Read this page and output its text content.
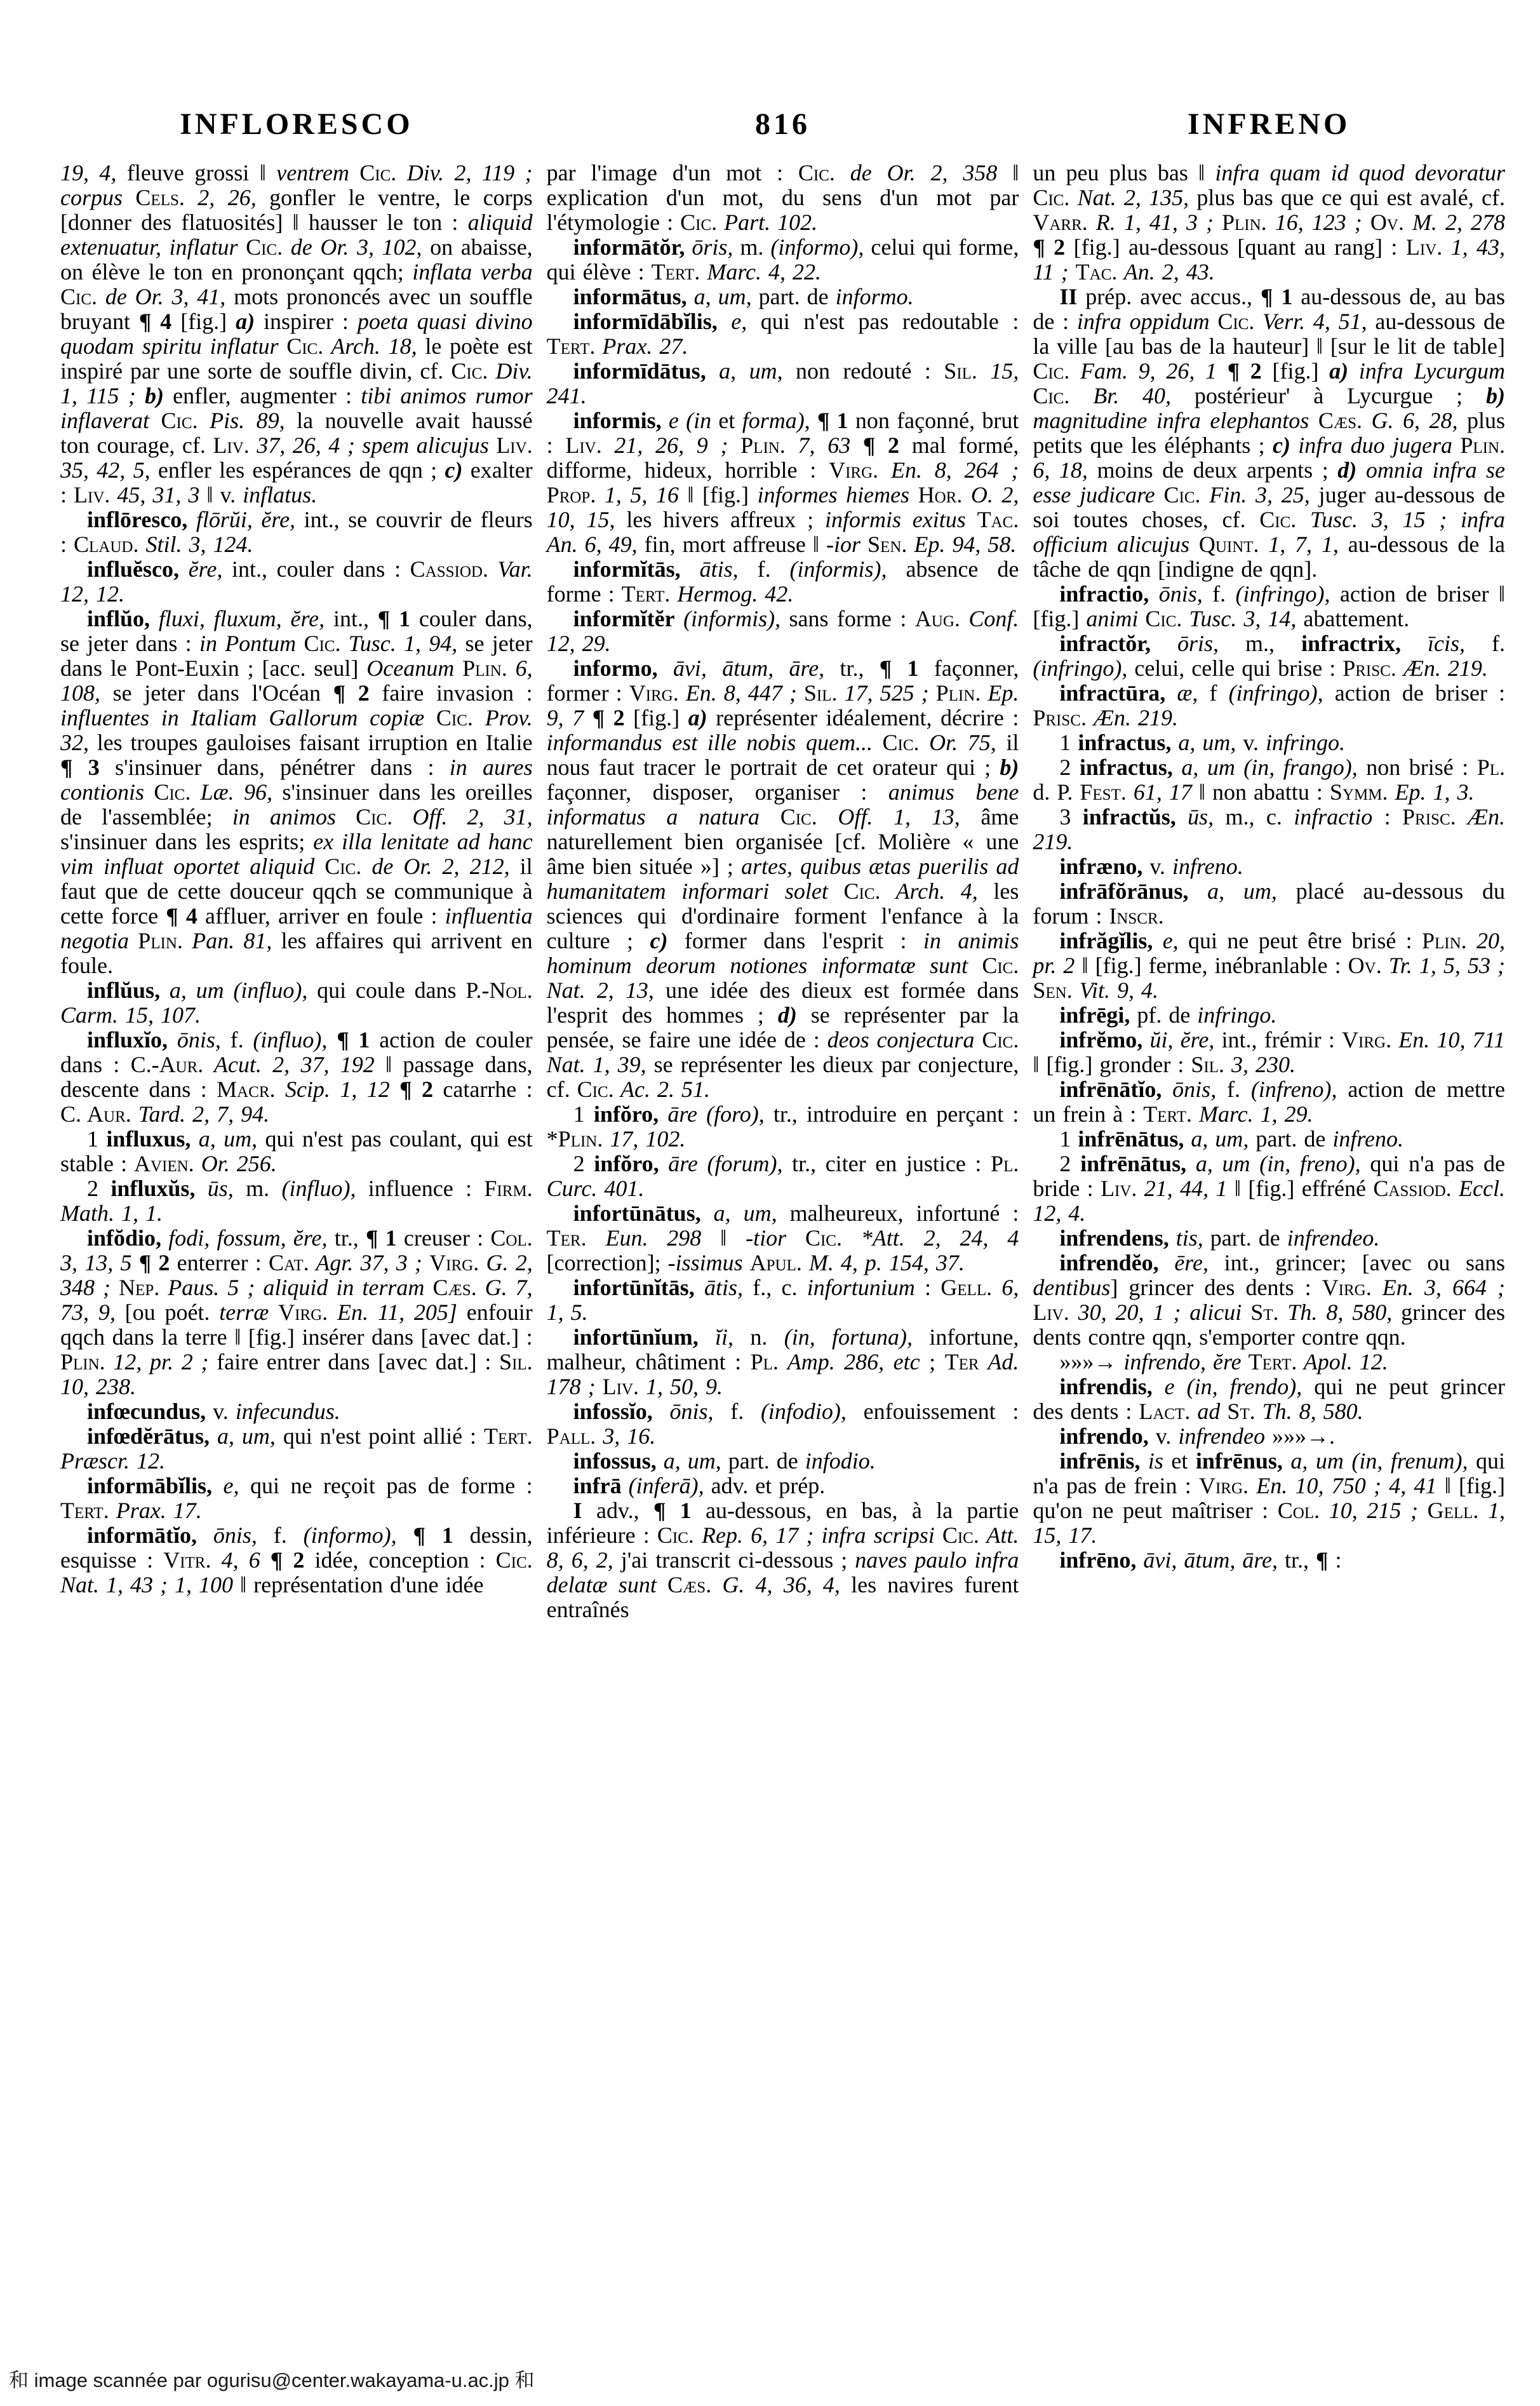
INFLORESCO	816	INFRENO

19, 4, fleuve grossi ‖ ventrem Cic. Div. 2, 119 ; corpus Cels. 2, 26, gonfler le ventre, le corps [donner des flatuosités] ‖ hausser le ton : aliquid extenuatur, inflatur Cic. de Or. 3, 102, on abaisse, on élève le ton en prononçant qqch; inflata verba Cic. de Or. 3, 41, mots prononcés avec un souffle bruyant ¶ 4 [fig.] a) inspirer : poeta quasi divino quodam spiritu inflatur Cic. Arch. 18, le poète est inspiré par une sorte de souffle divin, cf. Cic. Div. 1, 115 ; b) enfler, augmenter : tibi animos rumor inflaverat Cic. Pis. 89, la nouvelle avait haussé ton courage, cf. Liv. 37, 26, 4 ; spem alicujus Liv. 35, 42, 5, enfler les espérances de qqn ; c) exalter : Liv. 45, 31, 3 ‖ v. inflatus.

inflōresco, flōrŭi, ĕre, int., se couvrir de fleurs : Claud. Stil. 3, 124.

influĕsco, ĕre, int., couler dans : Cassiod. Var. 12, 12.

inflŭo, fluxi, fluxum, ĕre, int., ¶ 1 couler dans, se jeter dans : in Pontum Cic. Tusc. 1, 94, se jeter dans le Pont-Euxin ; [acc. seul] Oceanum Plin. 6, 108, se jeter dans l'Océan ¶ 2 faire invasion : influentes in Italiam Gallorum copiæ Cic. Prov. 32, les troupes gauloises faisant irruption en Italie ¶ 3 s'insinuer dans, pénétrer dans : in aures contionis Cic. Læ. 96, s'insinuer dans les oreilles de l'assemblée; in animos Cic. Off. 2, 31, s'insinuer dans les esprits; ex illa lenitate ad hanc vim influat oportet aliquid Cic. de Or. 2, 212, il faut que de cette douceur qqch se communique à cette force ¶ 4 affluer, arriver en foule : influentia negotia Plin. Pan. 81, les affaires qui arrivent en foule.

inflŭus, a, um (influo), qui coule dans P.-Nol. Carm. 15, 107.

influxĭo, ōnis, f. (influo), ¶ 1 action de couler dans : C.-Aur. Acut. 2, 37, 192 ‖ passage dans, descente dans : Macr. Scip. 1, 12 ¶ 2 catarrhe : C. Aur. Tard. 2, 7, 94.

1 influxus, a, um, qui n'est pas coulant, qui est stable : Avien. Or. 256.

2 influxŭs, ūs, m. (influo), influence : Firm. Math. 1, 1.

infŏdio, fodi, fossum, ĕre, tr., ¶ 1 creuser : Col. 3, 13, 5 ¶ 2 enterrer : Cat. Agr. 37, 3 ; Virg. G. 2, 348 ; Nep. Paus. 5 ; aliquid in terram Cæs. G. 7, 73, 9, [ou poét. terræ Virg. En. 11, 205] enfouir qqch dans la terre ‖ [fig.] insérer dans [avec dat.] : Plin. 12, pr. 2 ; faire entrer dans [avec dat.] : Sil. 10, 238.

infœcundus, v. infecundus.

infœdĕrātus, a, um, qui n'est point allié : Tert. Præscr. 12.

informābĭlis, e, qui ne reçoit pas de forme : Tert. Prax. 17.

informātĭo, ōnis, f. (informo), ¶ 1 dessin, esquisse : Vitr. 4, 6 ¶ 2 idée, conception : Cic. Nat. 1, 43 ; 1, 100 ‖ représentation d'une idée

par l'image d'un mot : Cic. de Or. 2, 358 ‖ explication d'un mot, du sens d'un mot par l'étymologie : Cic. Part. 102.

informātŏr, ōris, m. (informo), celui qui forme, qui élève : Tert. Marc. 4, 22.

informātus, a, um, part. de informo.

informīdābĭlis, e, qui n'est pas redoutable : Tert. Prax. 27.

informīdātus, a, um, non redouté : Sil. 15, 241.

informis, e (in et forma), ¶ 1 non façonné, brut : Liv. 21, 26, 9 ; Plin. 7, 63 ¶ 2 mal formé, difforme, hideux, horrible : Virg. En. 8, 264 ; Prop. 1, 5, 16 ‖ [fig.] informes hiemes Hor. O. 2, 10, 15, les hivers affreux ; informis exitus Tac. An. 6, 49, fin, mort affreuse ‖ -ior Sen. Ep. 94, 58.

informĭtās, ātis, f. (informis), absence de forme : Tert. Hermog. 42.

informĭtĕr (informis), sans forme : Aug. Conf. 12, 29.

informo, āvi, ātum, āre, tr., ¶ 1 façonner, former : Virg. En. 8, 447 ; Sil. 17, 525 ; Plin. Ep. 9, 7 ¶ 2 [fig.] a) représenter idéalement, décrire : informandus est ille nobis quem... Cic. Or. 75, il nous faut tracer le portrait de cet orateur qui ; b) façonner, disposer, organiser : animus bene informatus a natura Cic. Off. 1, 13, âme naturellement bien organisée [cf. Molière « une âme bien située »] ; artes, quibus ætas puerilis ad humanitatem informari solet Cic. Arch. 4, les sciences qui d'ordinaire forment l'enfance à la culture ; c) former dans l'esprit : in animis hominum deorum notiones informatæ sunt Cic. Nat. 2, 13, une idée des dieux est formée dans l'esprit des hommes ; d) se représenter par la pensée, se faire une idée de : deos conjectura Cic. Nat. 1, 39, se représenter les dieux par conjecture, cf. Cic. Ac. 2. 51.

1 infŏro, āre (foro), tr., introduire en perçant : *Plin. 17, 102.

2 infŏro, āre (forum), tr., citer en justice : Pl. Curc. 401.

infortūnātus, a, um, malheureux, infortuné : Ter. Eun. 298 ‖ -tior Cic. *Att. 2, 24, 4 [correction]; -issimus Apul. M. 4, p. 154, 37.

infortūnĭtās, ātis, f., c. infortunium : Gell. 6, 1, 5.

infortūnĭum, ĭi, n. (in, fortuna), infortune, malheur, châtiment : Pl. Amp. 286, etc ; Ter Ad. 178 ; Liv. 1, 50, 9.

infossĭo, ōnis, f. (infodio), enfouissement : Pall. 3, 16.

infossus, a, um, part. de infodio.

infrā (inferā), adv. et prép.

I adv., ¶ 1 au-dessous, en bas, à la partie inférieure : Cic. Rep. 6, 17 ; infra scripsi Cic. Att. 8, 6, 2, j'ai transcrit ci-dessous ; naves paulo infra delatæ sunt Cæs. G. 4, 36, 4, les navires furent entraînés

un peu plus bas ‖ infra quam id quod devoratur Cic. Nat. 2, 135, plus bas que ce qui est avalé, cf. Varr. R. 1, 41, 3 ; Plin. 16, 123 ; Ov. M. 2, 278 ¶ 2 [fig.] au-dessous [quant au rang] : Liv. 1, 43, 11 ; Tac. An. 2, 43.

II prép. avec accus., ¶ 1 au-dessous de, au bas de : infra oppidum Cic. Verr. 4, 51, au-dessous de la ville [au bas de la hauteur] ‖ [sur le lit de table] Cic. Fam. 9, 26, 1 ¶ 2 [fig.] a) infra Lycurgum Cic. Br. 40, postérieur' à Lycurgue ; b) magnitudine infra elephantos Cæs. G. 6, 28, plus petits que les éléphants ; c) infra duo jugera Plin. 6, 18, moins de deux arpents ; d) omnia infra se esse judicare Cic. Fin. 3, 25, juger au-dessous de soi toutes choses, cf. Cic. Tusc. 3, 15 ; infra officium alicujus Quint. 1, 7, 1, au-dessous de la tâche de qqn [indigne de qqn].

infractio, ōnis, f. (infringo), action de briser ‖ [fig.] animi Cic. Tusc. 3, 14, abattement.

infractŏr, ōris, m., infractrix, īcis, f. (infringo), celui, celle qui brise : Prisc. Æn. 219.

infractūra, æ, f (infringo), action de briser : Prisc. Æn. 219.

1 infractus, a, um, v. infringo.

2 infractus, a, um (in, frango), non brisé : Pl. d. P. Fest. 61, 17 ‖ non abattu : Symm. Ep. 1, 3.

3 infractŭs, ūs, m., c. infractio : Prisc. Æn. 219.

infræno, v. infreno.

infrāfŏrānus, a, um, placé au-dessous du forum : Inscr.

infrăgĭlis, e, qui ne peut être brisé : Plin. 20, pr. 2 ‖ [fig.] ferme, inébranlable : Ov. Tr. 1, 5, 53 ; Sen. Vit. 9, 4.

infrēgi, pf. de infringo.

infrĕmo, ŭi, ĕre, int., frémir : Virg. En. 10, 711 ‖ [fig.] gronder : Sil. 3, 230.

infrēnātĭo, ōnis, f. (infreno), action de mettre un frein à : Tert. Marc. 1, 29.

1 infrēnātus, a, um, part. de infreno.

2 infrēnātus, a, um (in, freno), qui n'a pas de bride : Liv. 21, 44, 1 ‖ [fig.] effréné Cassiod. Eccl. 12, 4.

infrendens, tis, part. de infrendeo.

infrendĕo, ēre, int., grincer; [avec ou sans dentibus] grincer des dents : Virg. En. 3, 664 ; Liv. 30, 20, 1 ; alicui St. Th. 8, 580, grincer des dents contre qqn, s'emporter contre qqn.

»»»→ infrendo, ĕre Tert. Apol. 12.

infrendis, e (in, frendo), qui ne peut grincer des dents : Lact. ad St. Th. 8, 580.

infrendo, v. infrendeo »»»→.

infrēnis, is et infrēnus, a, um (in, frenum), qui n'a pas de frein : Virg. En. 10, 750 ; 4, 41 ‖ [fig.] qu'on ne peut maîtriser : Col. 10, 215 ; Gell. 1, 15, 17.

infrēno, āvi, ātum, āre, tr., ¶ :

和 image scannée par ogurisu@center.wakayama-u.ac.jp 和
